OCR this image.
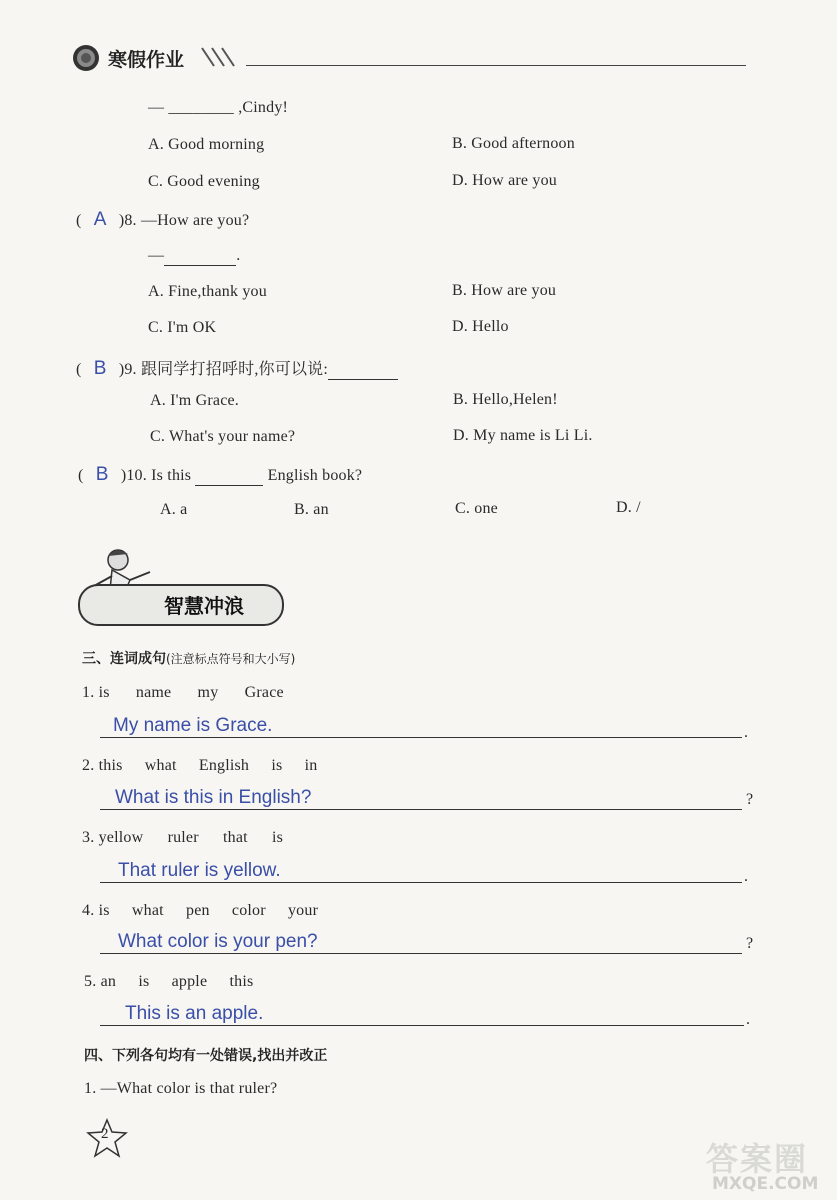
寒假作业
— ________ ,Cindy!
A. Good morning	B. Good afternoon
C. Good evening	D. How are you
( A )8. —How are you?
—	.
A. Fine,thank you	B. How are you
C. I'm OK	D. Hello
( B )9. 跟同学打招呼时,你可以说:
A. I'm Grace.	B. Hello,Helen!
C. What's your name?	D. My name is Li Li.
( B )10. Is this	English book?
A. a	B. an	C. one	D. /
智慧冲浪
三、连词成句(注意标点符号和大小写)
1. is name my Grace
My name is Grace.	.
2. this what English is in
What is this in English?	?
3. yellow ruler that is
That ruler is yellow.	.
4. is what pen color your
What color is your pen?	?
5. an is apple this
This is an apple.	.
四、下列各句均有一处错误,找出并改正
1. —What color is that ruler?
2
答案圈
MXQE.COM
